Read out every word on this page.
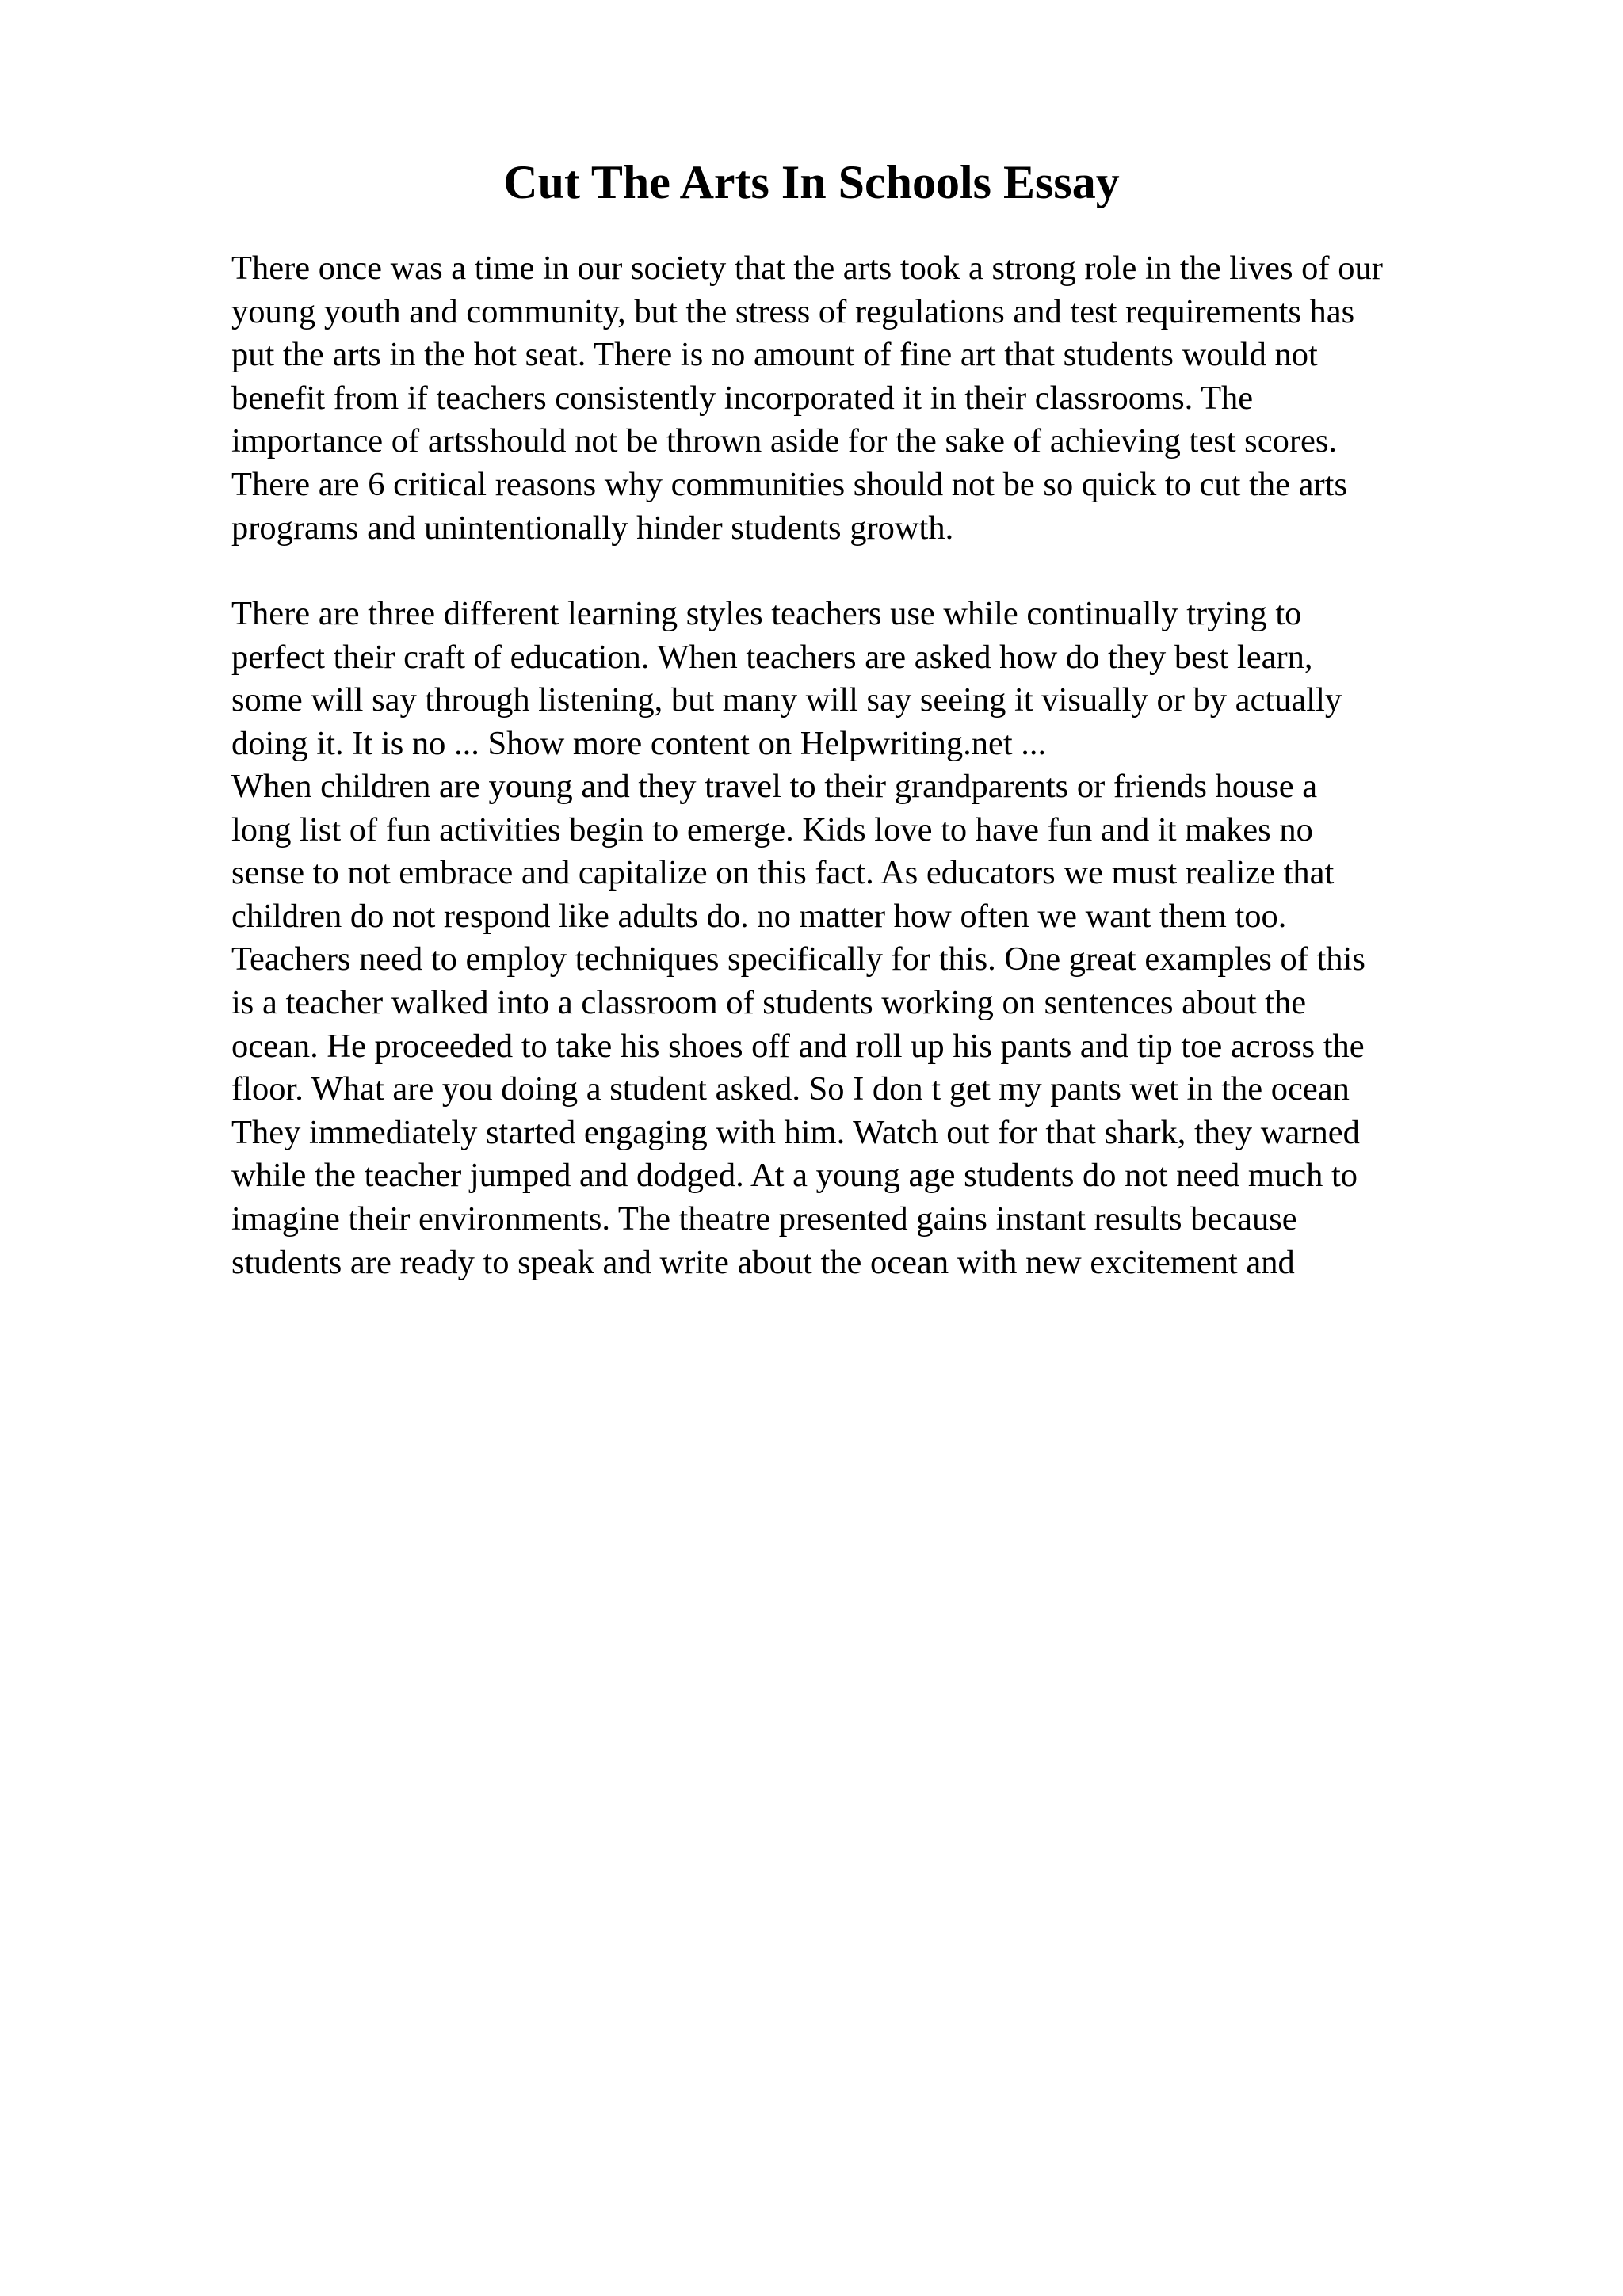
Cut The Arts In Schools Essay
There once was a time in our society that the arts took a strong role in the lives of our
young youth and community, but the stress of regulations and test requirements has
put the arts in the hot seat. There is no amount of fine art that students would not
benefit from if teachers consistently incorporated it in their classrooms. The
importance of artsshould not be thrown aside for the sake of achieving test scores.
There are 6 critical reasons why communities should not be so quick to cut the arts
programs and unintentionally hinder students growth.
There are three different learning styles teachers use while continually trying to
perfect their craft of education. When teachers are asked how do they best learn,
some will say through listening, but many will say seeing it visually or by actually
doing it. It is no ... Show more content on Helpwriting.net ...
When children are young and they travel to their grandparents or friends house a
long list of fun activities begin to emerge. Kids love to have fun and it makes no
sense to not embrace and capitalize on this fact. As educators we must realize that
children do not respond like adults do. no matter how often we want them too.
Teachers need to employ techniques specifically for this. One great examples of this
is a teacher walked into a classroom of students working on sentences about the
ocean. He proceeded to take his shoes off and roll up his pants and tip toe across the
floor. What are you doing a student asked. So I don t get my pants wet in the ocean
They immediately started engaging with him. Watch out for that shark, they warned
while the teacher jumped and dodged. At a young age students do not need much to
imagine their environments. The theatre presented gains instant results because
students are ready to speak and write about the ocean with new excitement and
